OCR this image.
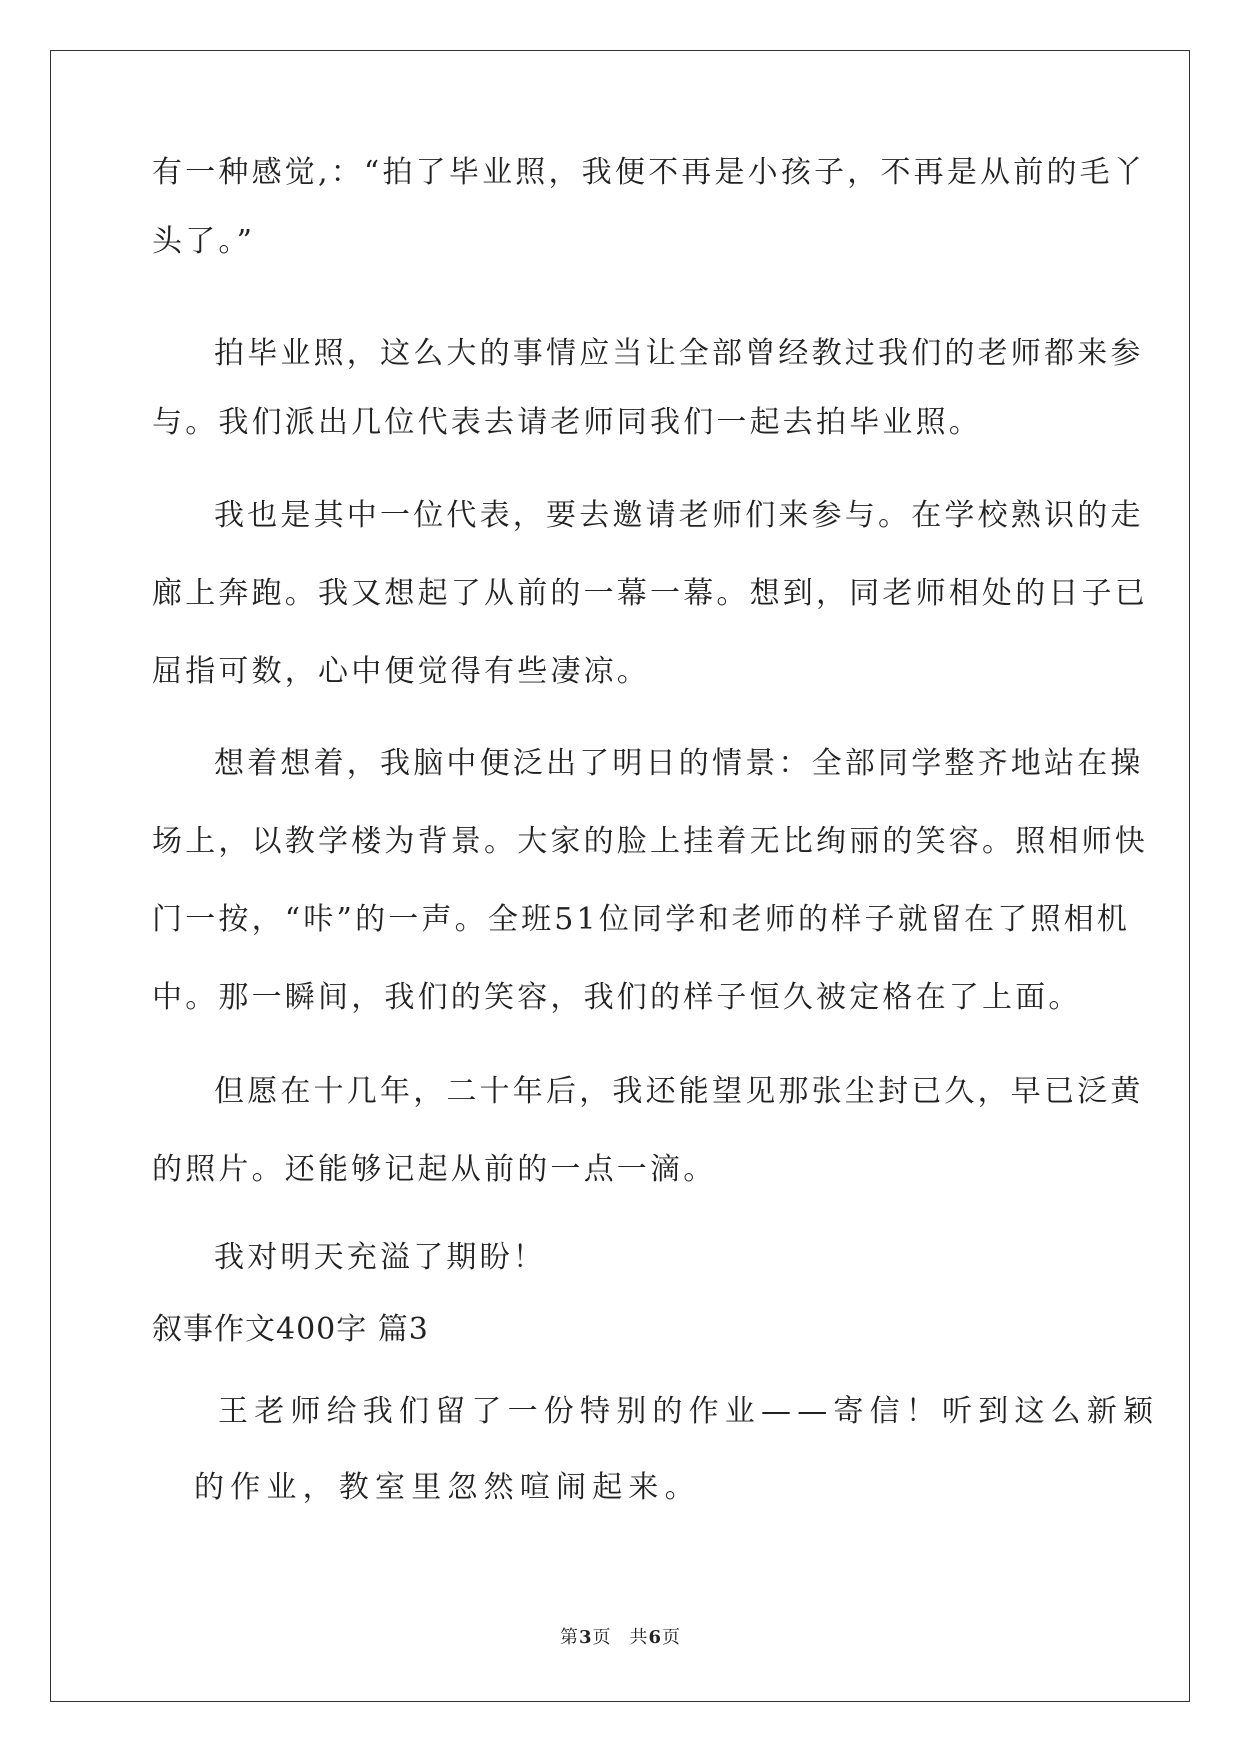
有一种感觉,：“拍了毕业照，我便不再是小孩子，不再是从前的毛丫
头了。”
拍毕业照，这么大的事情应当让全部曾经教过我们的老师都来参
与。我们派出几位代表去请老师同我们一起去拍毕业照。
我也是其中一位代表，要去邀请老师们来参与。在学校熟识的走
廊上奔跑。我又想起了从前的一幕一幕。想到，同老师相处的日子已
屈指可数，心中便觉得有些凄凉。
想着想着，我脑中便泛出了明日的情景：全部同学整齐地站在操
场上，以教学楼为背景。大家的脸上挂着无比绚丽的笑容。照相师快
门一按，“咔”的一声。全班51位同学和老师的样子就留在了照相机
中。那一瞬间，我们的笑容，我们的样子恒久被定格在了上面。
但愿在十几年，二十年后，我还能望见那张尘封已久，早已泛黄
的照片。还能够记起从前的一点一滴。
我对明天充溢了期盼！
叙事作文400字 篇3
王老师给我们留了一份特别的作业——寄信！听到这么新颖
的作业，教室里忽然喧闹起来。
第3页 共6页
